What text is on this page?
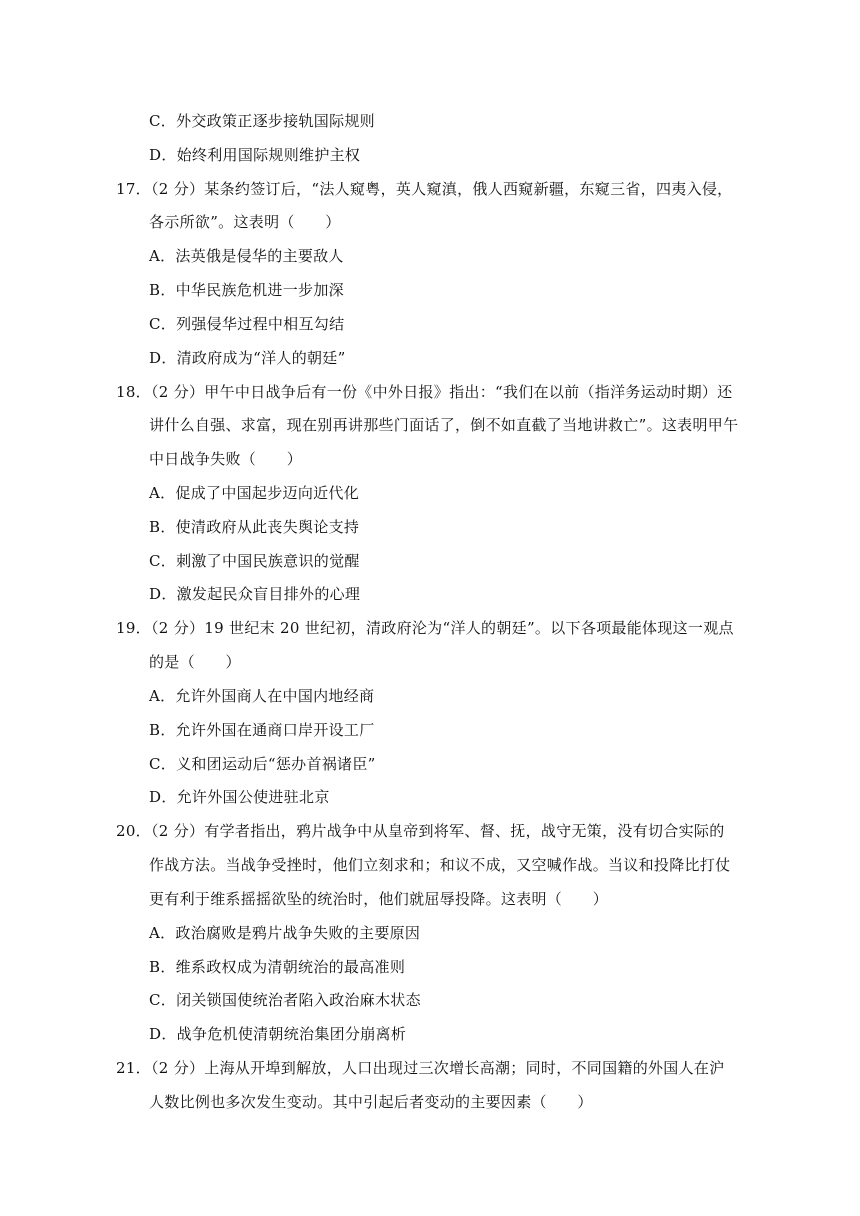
C．外交政策正逐步接轨国际规则
D．始终利用国际规则维护主权
17．（2 分）某条约签订后，“法人窥粤，英人窥滇，俄人西窥新疆，东窥三省，四夷入侵，
各示所欲”。这表明（　　）
A．法英俄是侵华的主要敌人
B．中华民族危机进一步加深
C．列强侵华过程中相互勾结
D．清政府成为“洋人的朝廷”
18．（2 分）甲午中日战争后有一份《中外日报》指出：“我们在以前（指洋务运动时期）还
讲什么自强、求富，现在别再讲那些门面话了，倒不如直截了当地讲救亡”。这表明甲午
中日战争失败（　　）
A．促成了中国起步迈向近代化
B．使清政府从此丧失舆论支持
C．刺激了中国民族意识的觉醒
D．激发起民众盲目排外的心理
19．（2 分）19 世纪末 20 世纪初，清政府沦为“洋人的朝廷”。以下各项最能体现这一观点
的是（　　）
A．允许外国商人在中国内地经商
B．允许外国在通商口岸开设工厂
C．义和团运动后“惩办首祸诸臣”
D．允许外国公使进驻北京
20．（2 分）有学者指出，鸦片战争中从皇帝到将军、督、抚，战守无策，没有切合实际的
作战方法。当战争受挫时，他们立刻求和；和议不成，又空喊作战。当议和投降比打仗
更有利于维系摇摇欲坠的统治时，他们就屈辱投降。这表明（　　）
A．政治腐败是鸦片战争失败的主要原因
B．维系政权成为清朝统治的最高准则
C．闭关锁国使统治者陷入政治麻木状态
D．战争危机使清朝统治集团分崩离析
21．（2 分）上海从开埠到解放，人口出现过三次增长高潮；同时，不同国籍的外国人在沪
人数比例也多次发生变动。其中引起后者变动的主要因素（　　）
